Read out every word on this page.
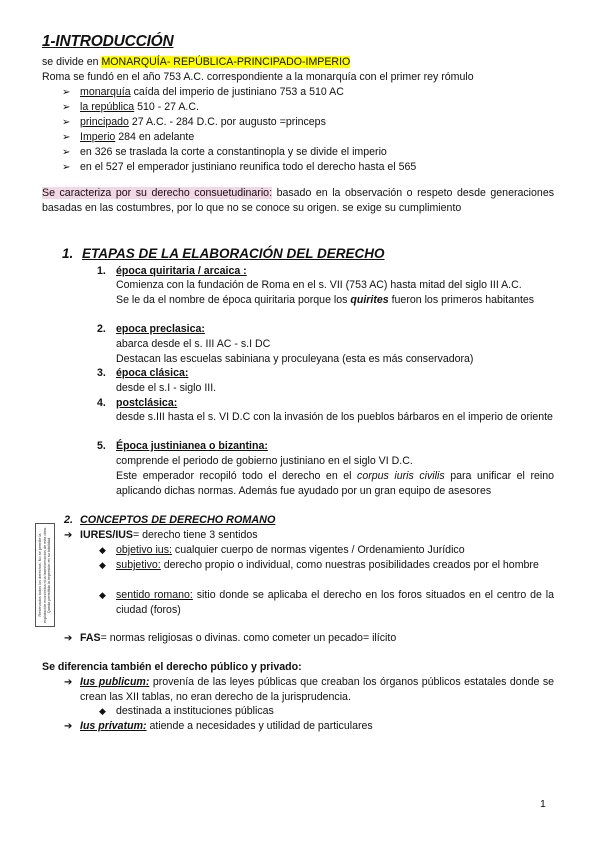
1-INTRODUCCIÓN
se divide en MONARQUÍA- REPÚBLICA-PRINCIPADO-IMPERIO
Roma se fundó en el año 753 A.C. correspondiente a la monarquía con el primer rey rómulo
➢ monarquía caída del imperio de justiniano 753 a 510 AC
➢ la república 510 - 27 A.C.
➢ principado 27 A.C. - 284 D.C. por augusto =princeps
➢ Imperio 284 en adelante
➢ en 326 se traslada la corte a constantinopla y se divide el imperio
➢ en el 527 el emperador justiniano reunifica todo el derecho hasta el 565
Se caracteriza por su derecho consuetudinario: basado en la observación o respeto desde generaciones basadas en las costumbres, por lo que no se conoce su origen. se exige su cumplimiento
1. ETAPAS DE LA ELABORACIÓN DEL DERECHO
1. época quiritaria / arcaica :
Comienza con la fundación de Roma en el s. VII (753 AC) hasta mitad del siglo III A.C.
Se le da el nombre de época quiritaria porque los quirites fueron los primeros habitantes
2. epoca preclasica:
abarca desde el s. III AC - s.I DC
Destacan las escuelas sabiniana y proculeyana (esta es más conservadora)
3. época clásica:
desde el s.I - siglo III.
4. postclásica:
desde s.III hasta el s. VI D.C con la invasión de los pueblos bárbaros en el imperio de oriente
5. Época justinianea o bizantina:
comprende el periodo de gobierno justiniano en el siglo VI D.C.
Este emperador recopiló todo el derecho en el corpus iuris civilis para unificar el reino aplicando dichas normas. Además fue ayudado por un gran equipo de asesores
2. CONCEPTOS DE DERECHO ROMANO
Reservados todos los derechos. No se permite la explotación económica ni la transformación de esta obra. Queda permitida la impresión en su totalidad.
➔ IURES/IUS= derecho tiene 3 sentidos
◆ objetivo ius: cualquier cuerpo de normas vigentes / Ordenamiento Jurídico
◆ subjetivo: derecho propio o individual, como nuestras posibilidades creados por el hombre
◆ sentido romano: sitio donde se aplicaba el derecho en los foros situados en el centro de la ciudad (foros)
➔ FAS= normas religiosas o divinas. como cometer un pecado= ilícito
Se diferencia también el derecho público y privado:
➔ Ius publicum: provenía de las leyes públicas que creaban los órganos públicos estatales donde se crean las XII tablas, no eran derecho de la jurisprudencia.
◆ destinada a instituciones públicas
➔ Ius privatum: atiende a necesidades y utilidad de particulares
1
